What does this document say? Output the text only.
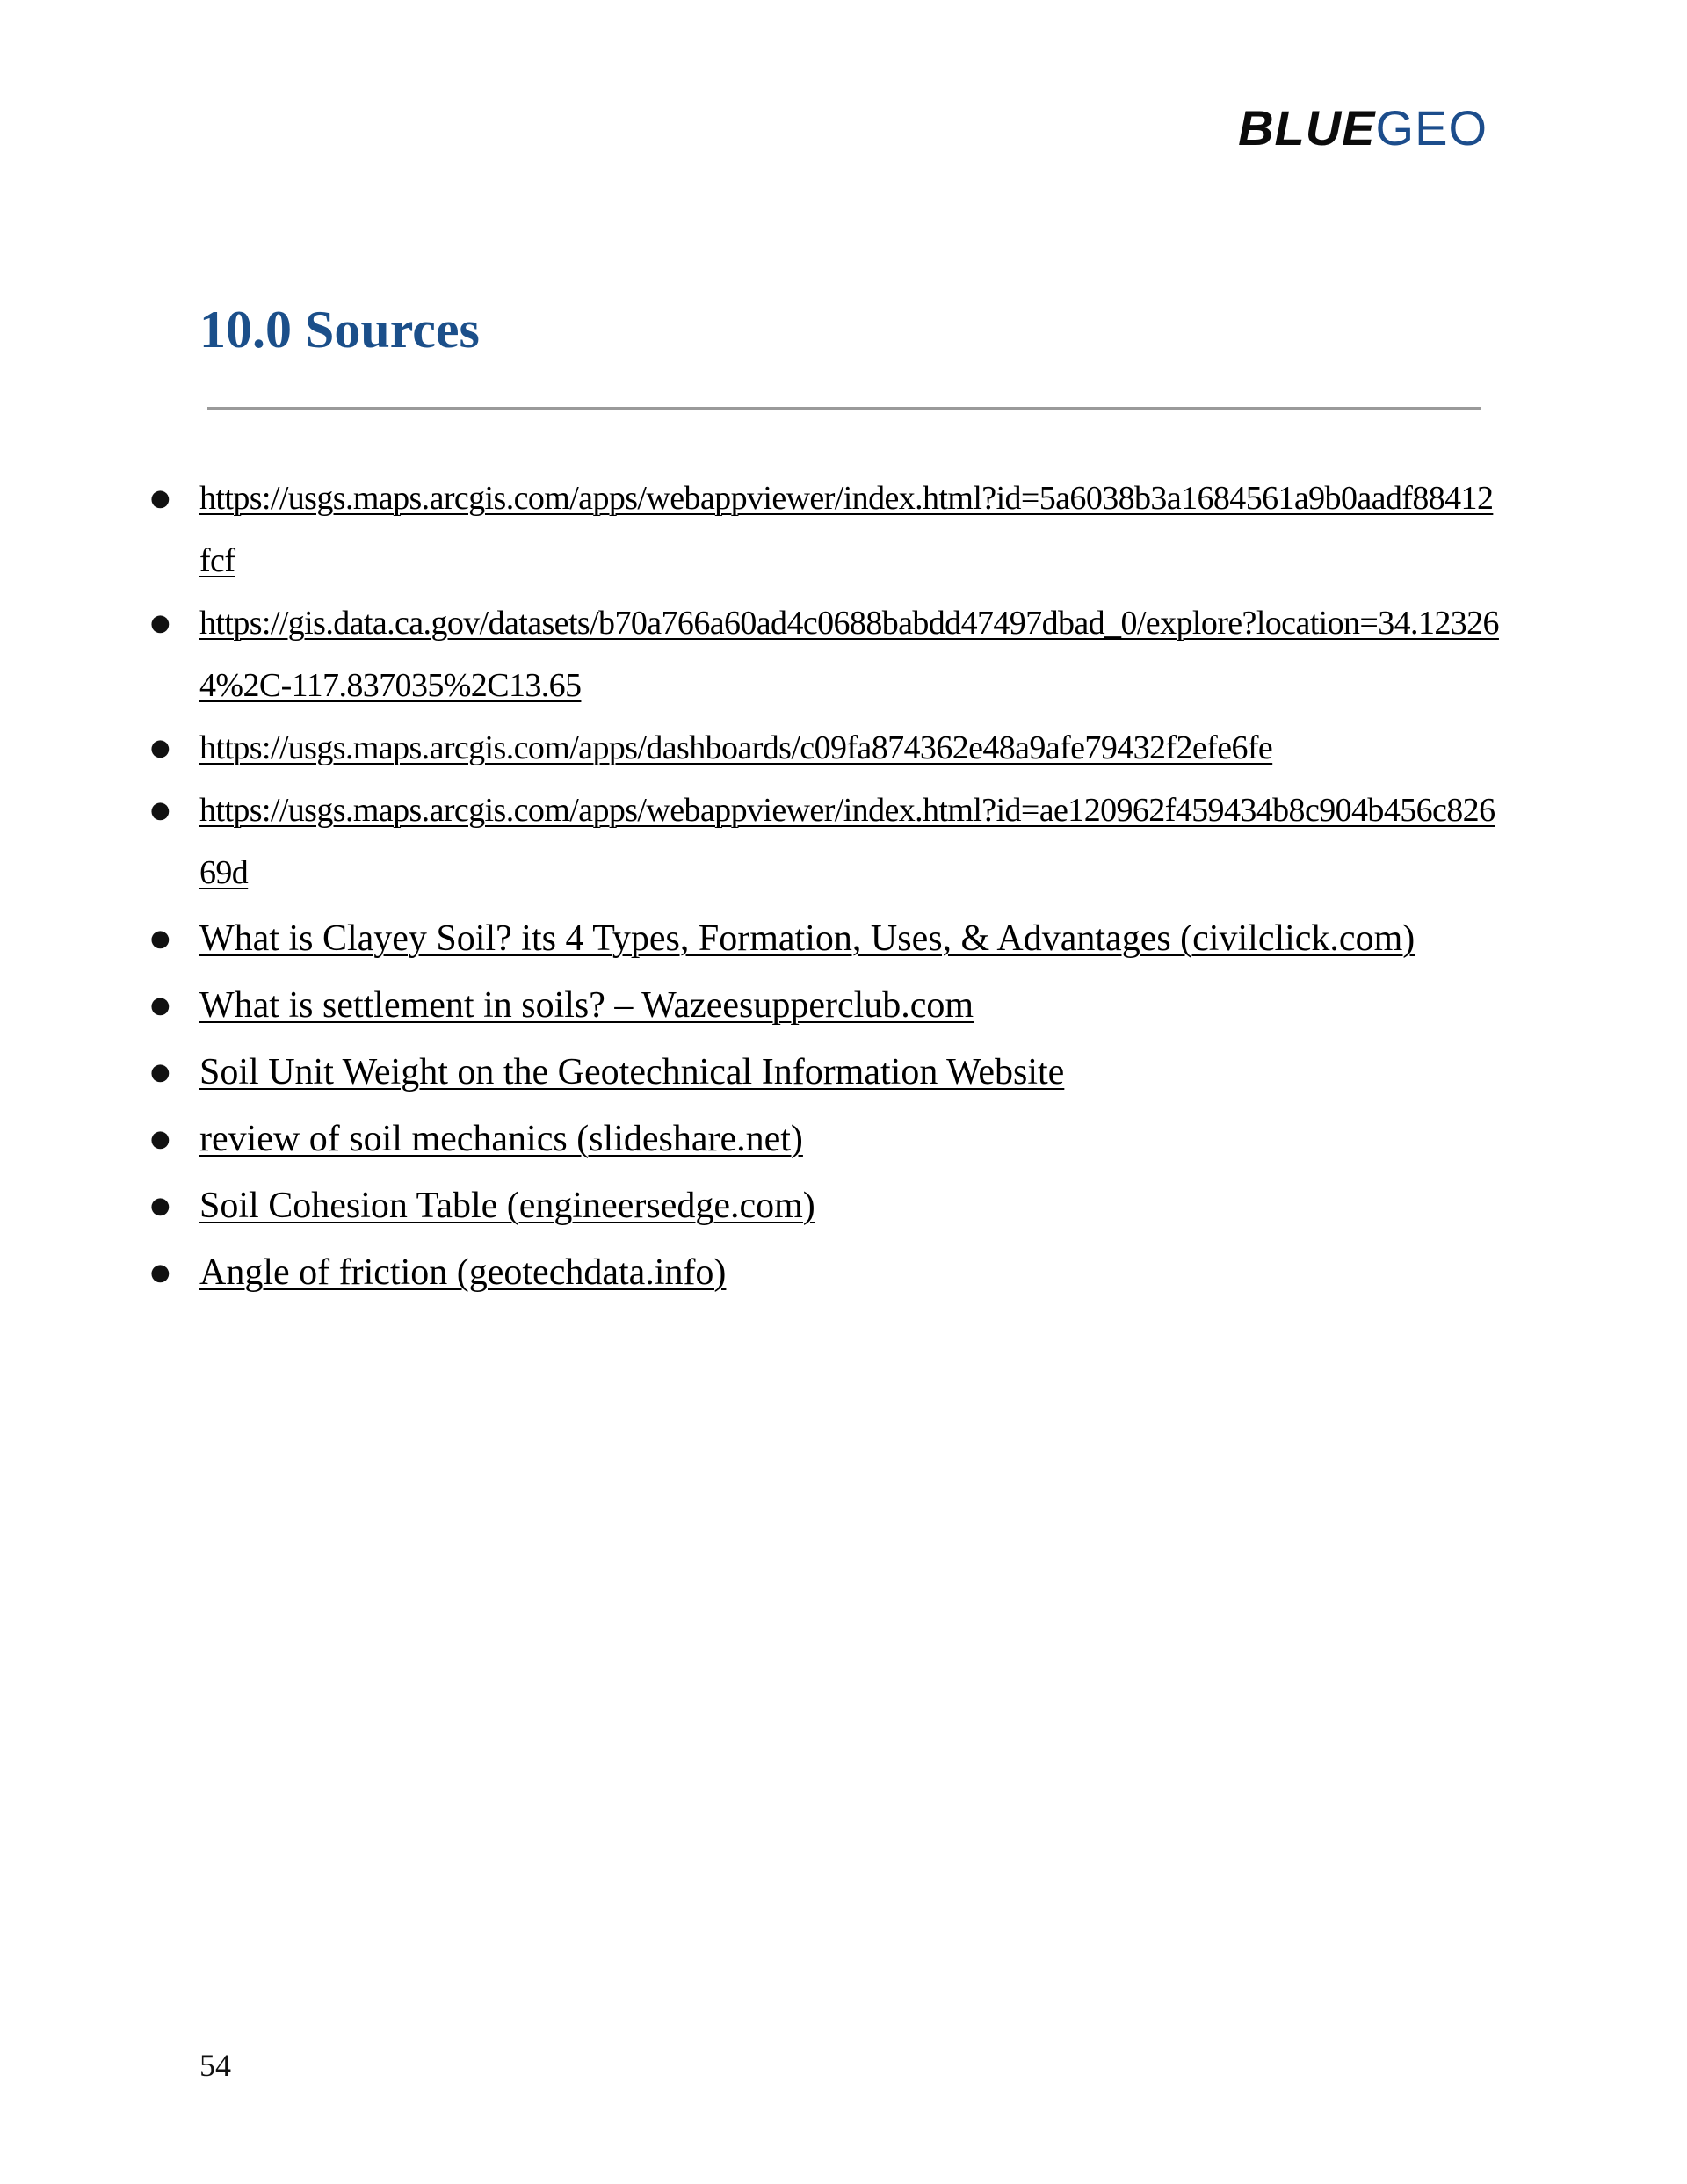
BLUEGEO
10.0 Sources
● https://usgs.maps.arcgis.com/apps/webappviewer/index.html?id=5a6038b3a1684561a9b0aadf88412fcf
● https://gis.data.ca.gov/datasets/b70a766a60ad4c0688babdd47497dbad_0/explore?location=34.123264%2C-117.837035%2C13.65
● https://usgs.maps.arcgis.com/apps/dashboards/c09fa874362e48a9afe79432f2efe6fe
● https://usgs.maps.arcgis.com/apps/webappviewer/index.html?id=ae120962f459434b8c904b456c82669d
● What is Clayey Soil? its 4 Types, Formation, Uses, & Advantages (civilclick.com)
● What is settlement in soils? – Wazeesupperclub.com
● Soil Unit Weight on the Geotechnical Information Website
● review of soil mechanics (slideshare.net)
● Soil Cohesion Table (engineersedge.com)
● Angle of friction (geotechdata.info)
54
